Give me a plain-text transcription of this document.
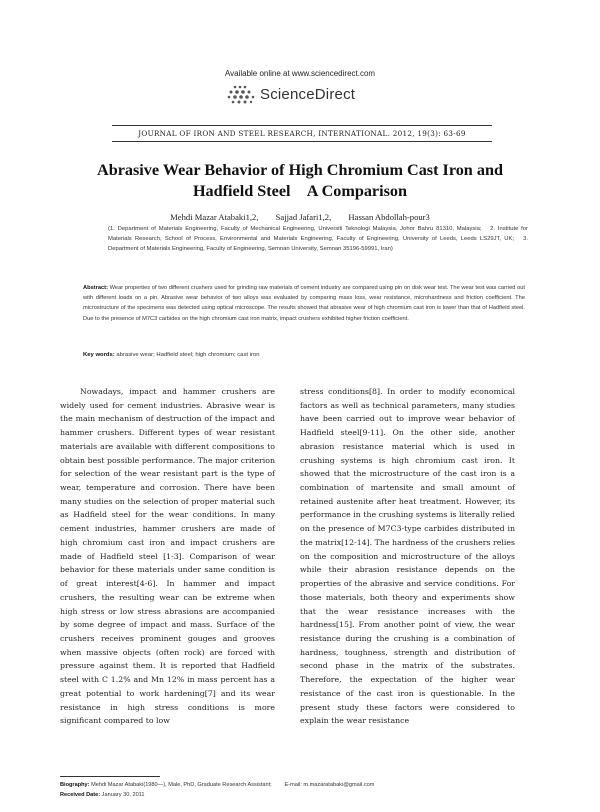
Available online at www.sciencedirect.com
ScienceDirect
JOURNAL OF IRON AND STEEL RESEARCH, INTERNATIONAL. 2012, 19(3): 63-69
Abrasive Wear Behavior of High Chromium Cast Iron and
Hadfield Steel A Comparison
Mehdi Mazar Atabaki1,2,  Sajjad Jafari1,2,  Hassan Abdollah-pour3
(1. Department of Materials Engineering, Faculty of Mechanical Engineering, Universiti Teknologi Malaysia, Johor Bahru 81310, Malaysia;  2. Institute for Materials Research, School of Process, Environmental and Materials Engineering, Faculty of Engineering, University of Leeds, Leeds LS29JT, UK;  3. Department of Materials Engineering, Faculty of Engineering, Semnan University, Semnan 35196-59991, Iran)
Abstract: Wear properties of two different crushers used for grinding raw materials of cement industry are compared using pin on disk wear test. The wear test was carried out with different loads on a pin. Abrasive wear behavior of two alloys was evaluated by comparing mass loss, wear resistance, microhardness and friction coefficient. The microstructure of the specimens was detected using optical microscope. The results showed that abrasive wear of high chromium cast iron is lower than that of Hadfield steel. Due to the presence of M7C3 carbides on the high chromium cast iron matrix, impact crushers exhibited higher friction coefficient.
Key words: abrasive wear; Hadfield steel; high chromium; cast iron
Nowadays, impact and hammer crushers are widely used for cement industries. Abrasive wear is the main mechanism of destruction of the impact and hammer crushers. Different types of wear resistant materials are available with different compositions to obtain best possible performance. The major criterion for selection of the wear resistant part is the type of wear, temperature and corrosion. There have been many studies on the selection of proper material such as Hadfield steel for the wear conditions. In many cement industries, hammer crushers are made of high chromium cast iron and impact crushers are made of Hadfield steel [1-3]. Comparison of wear behavior for these materials under same condition is of great interest[4-6]. In hammer and impact crushers, the resulting wear can be extreme when high stress or low stress abrasions are accompanied by some degree of impact and mass. Surface of the crushers receives prominent gouges and grooves when massive objects (often rock) are forced with pressure against them. It is reported that Hadfield steel with C 1.2% and Mn 12% in mass percent has a great potential to work hardening[7] and its wear resistance in high stress conditions is more significant compared to low
stress conditions[8]. In order to modify economical factors as well as technical parameters, many studies have been carried out to improve wear behavior of Hadfield steel[9-11]. On the other side, another abrasion resistance material which is used in crushing systems is high chromium cast iron. It showed that the microstructure of the cast iron is a combination of martensite and small amount of retained austenite after heat treatment. However, its performance in the crushing systems is literally relied on the presence of M7C3-type carbides distributed in the matrix[12-14]. The hardness of the crushers relies on the composition and microstructure of the alloys while their abrasion resistance depends on the properties of the abrasive and service conditions. For those materials, both theory and experiments show that the wear resistance increases with the hardness[15]. From another point of view, the wear resistance during the crushing is a combination of hardness, toughness, strength and distribution of second phase in the matrix of the substrates. Therefore, the expectation of the higher wear resistance of the cast iron is questionable. In the present study these factors were considered to explain the wear resistance
Biography: Mehdi Mazar Atabaki(1980—), Male, PhD, Graduate Research Assistant;   E-mail: m.mazaratabaki@gmail.com
Received Date: January 30, 2011
